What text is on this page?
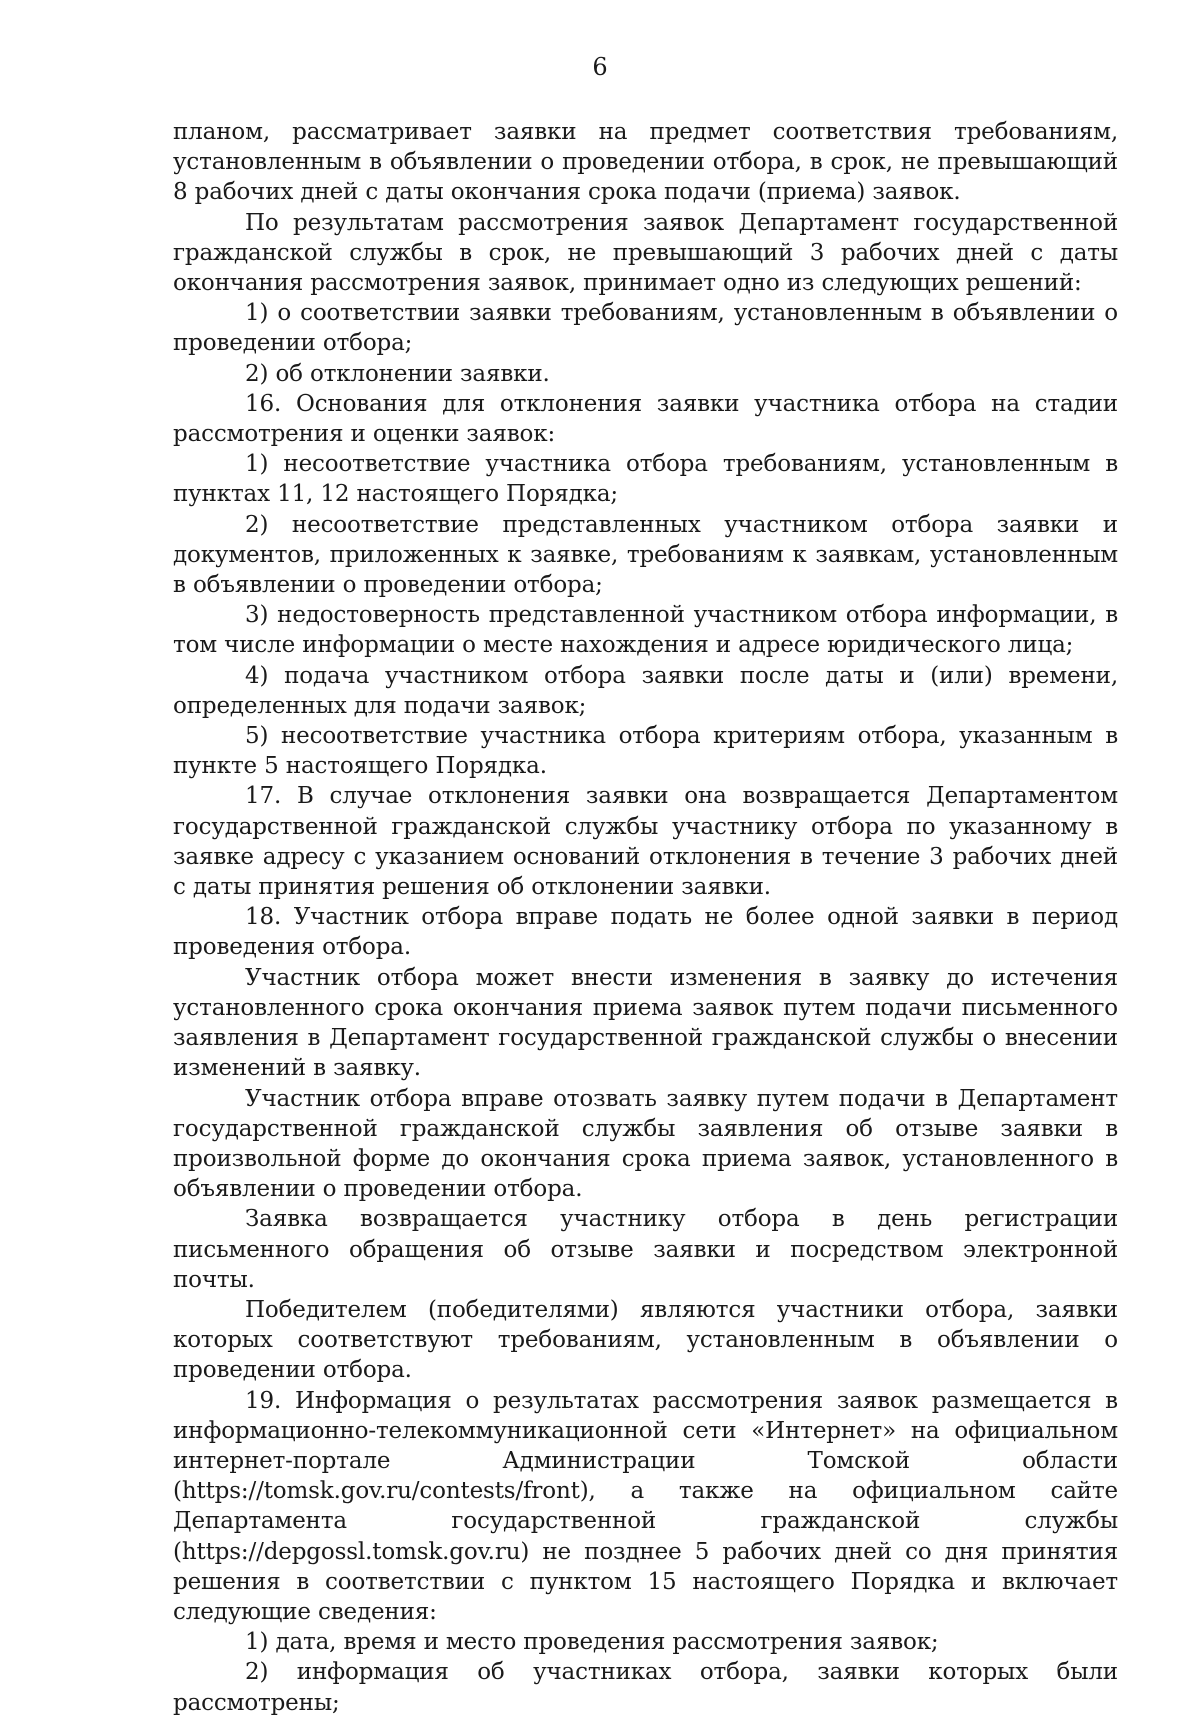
6

планом, рассматривает заявки на предмет соответствия требованиям, установленным в объявлении о проведении отбора, в срок, не превышающий 8 рабочих дней с даты окончания срока подачи (приема) заявок.

По результатам рассмотрения заявок Департамент государственной гражданской службы в срок, не превышающий 3 рабочих дней с даты окончания рассмотрения заявок, принимает одно из следующих решений:

1) о соответствии заявки требованиям, установленным в объявлении о проведении отбора;

2) об отклонении заявки.

16. Основания для отклонения заявки участника отбора на стадии рассмотрения и оценки заявок:

1) несоответствие участника отбора требованиям, установленным в пунктах 11, 12 настоящего Порядка;

2) несоответствие представленных участником отбора заявки и документов, приложенных к заявке, требованиям к заявкам, установленным в объявлении о проведении отбора;

3) недостоверность представленной участником отбора информации, в том числе информации о месте нахождения и адресе юридического лица;

4) подача участником отбора заявки после даты и (или) времени, определенных для подачи заявок;

5) несоответствие участника отбора критериям отбора, указанным в пункте 5 настоящего Порядка.

17. В случае отклонения заявки она возвращается Департаментом государственной гражданской службы участнику отбора по указанному в заявке адресу с указанием оснований отклонения в течение 3 рабочих дней с даты принятия решения об отклонении заявки.

18. Участник отбора вправе подать не более одной заявки в период проведения отбора.

Участник отбора может внести изменения в заявку до истечения установленного срока окончания приема заявок путем подачи письменного заявления в Департамент государственной гражданской службы о внесении изменений в заявку.

Участник отбора вправе отозвать заявку путем подачи в Департамент государственной гражданской службы заявления об отзыве заявки в произвольной форме до окончания срока приема заявок, установленного в объявлении о проведении отбора.

Заявка возвращается участнику отбора в день регистрации письменного обращения об отзыве заявки и посредством электронной почты.

Победителем (победителями) являются участники отбора, заявки которых соответствуют требованиям, установленным в объявлении о проведении отбора.

19. Информация о результатах рассмотрения заявок размещается в информационно-телекоммуникационной сети «Интернет» на официальном интернет-портале Администрации Томской области (https://tomsk.gov.ru/contests/front), а также на официальном сайте Департамента государственной гражданской службы (https://depgossl.tomsk.gov.ru) не позднее 5 рабочих дней со дня принятия решения в соответствии с пунктом 15 настоящего Порядка и включает следующие сведения:

1) дата, время и место проведения рассмотрения заявок;

2) информация об участниках отбора, заявки которых были рассмотрены;
